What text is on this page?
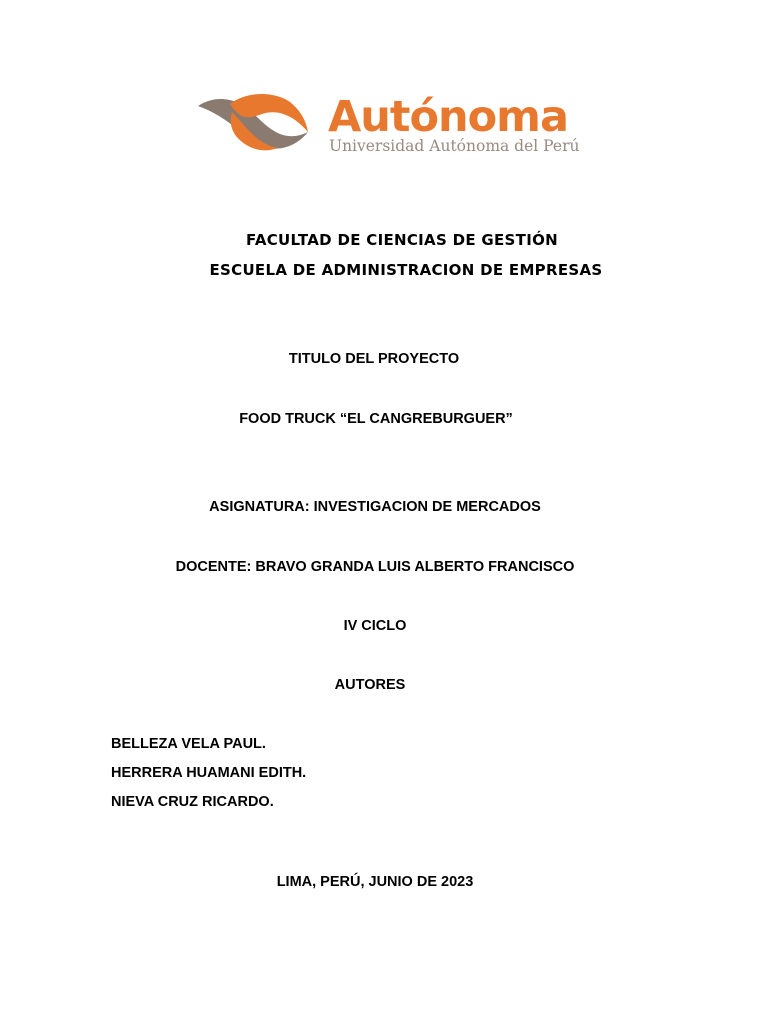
Autónoma
Universidad Autónoma del Perú
FACULTAD DE CIENCIAS DE GESTIÓN
ESCUELA DE ADMINISTRACION DE EMPRESAS
TITULO DEL PROYECTO
FOOD TRUCK “EL CANGREBURGUER”
ASIGNATURA: INVESTIGACION DE MERCADOS
DOCENTE: BRAVO GRANDA LUIS ALBERTO FRANCISCO
IV CICLO
AUTORES
BELLEZA VELA PAUL.
HERRERA HUAMANI EDITH.
NIEVA CRUZ RICARDO.
LIMA, PERÚ, JUNIO DE 2023
